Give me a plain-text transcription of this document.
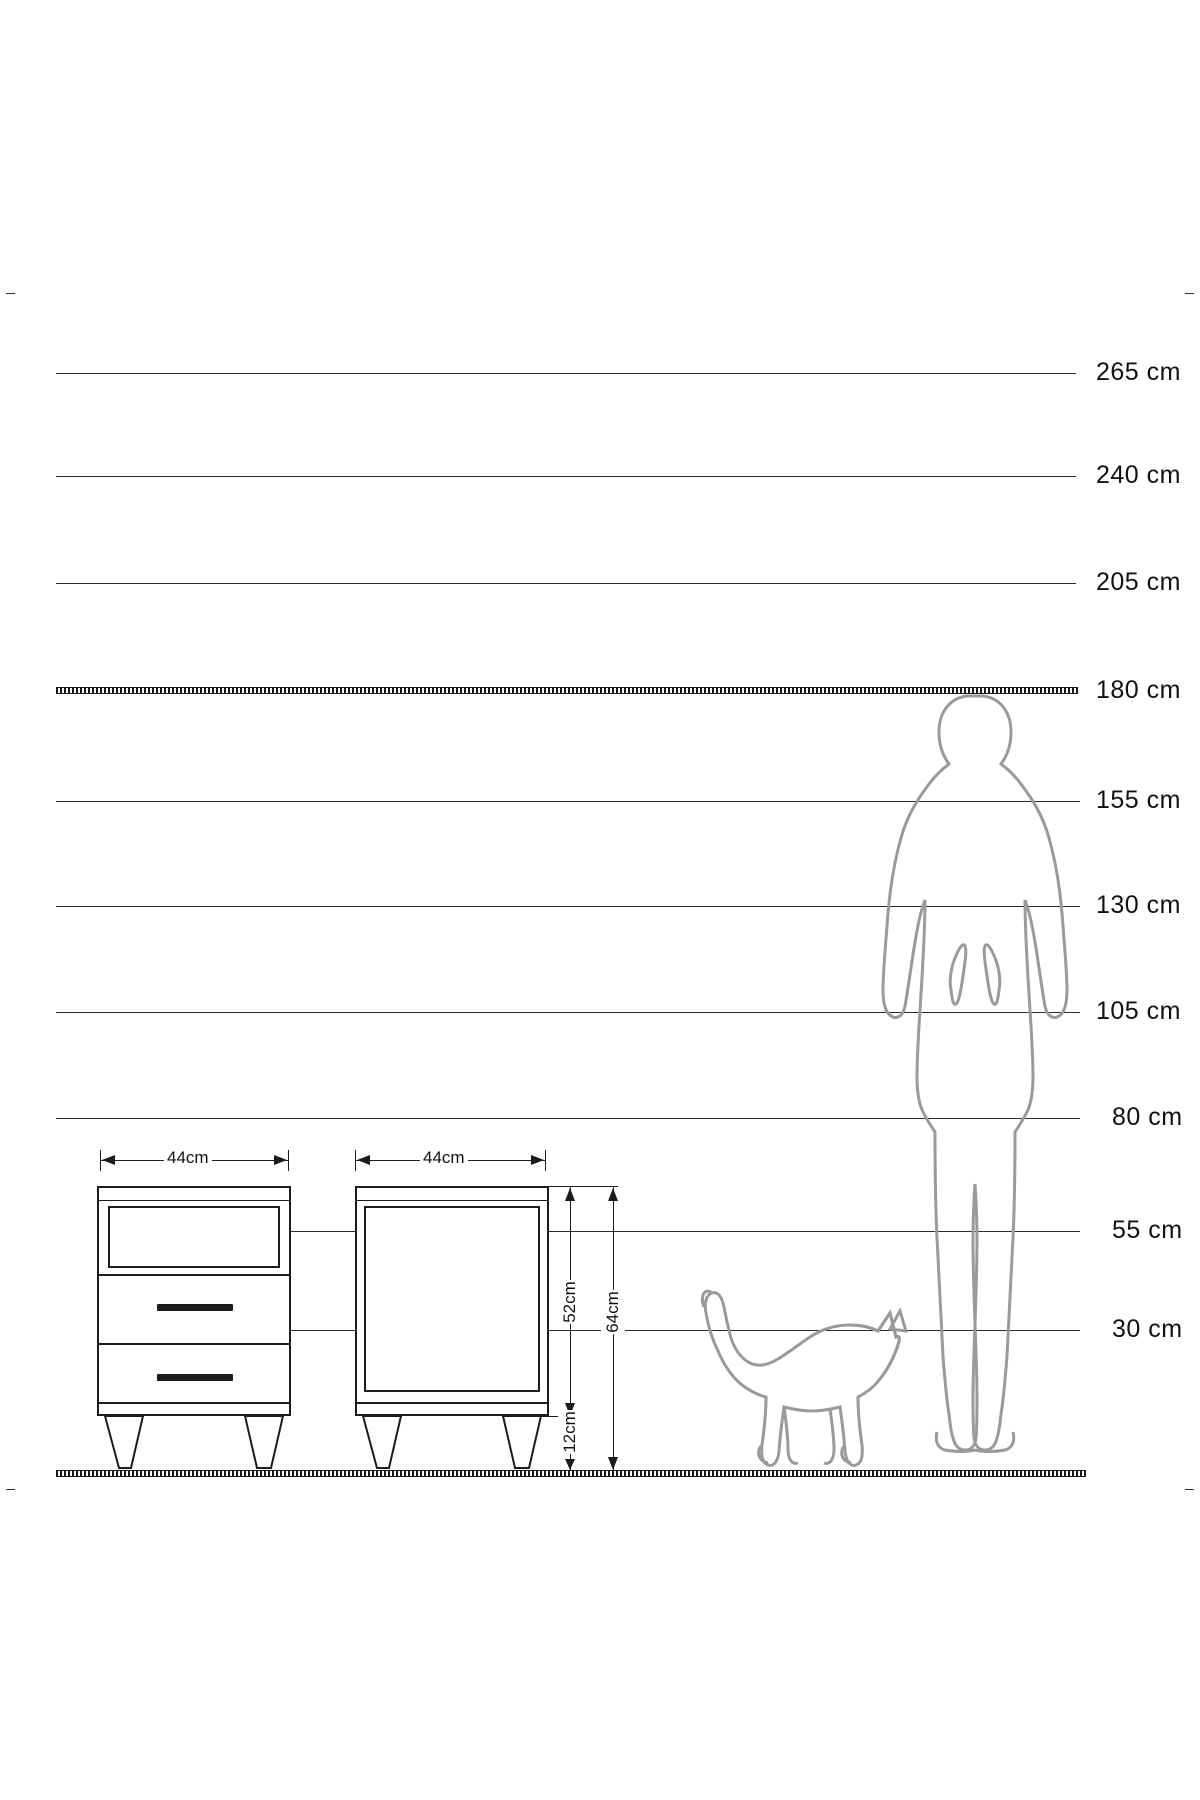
265 cm
240 cm
205 cm
180 cm
155 cm
130 cm
105 cm
80 cm
55 cm
30 cm
44cm	44cm
52cm
12cm
64cm
